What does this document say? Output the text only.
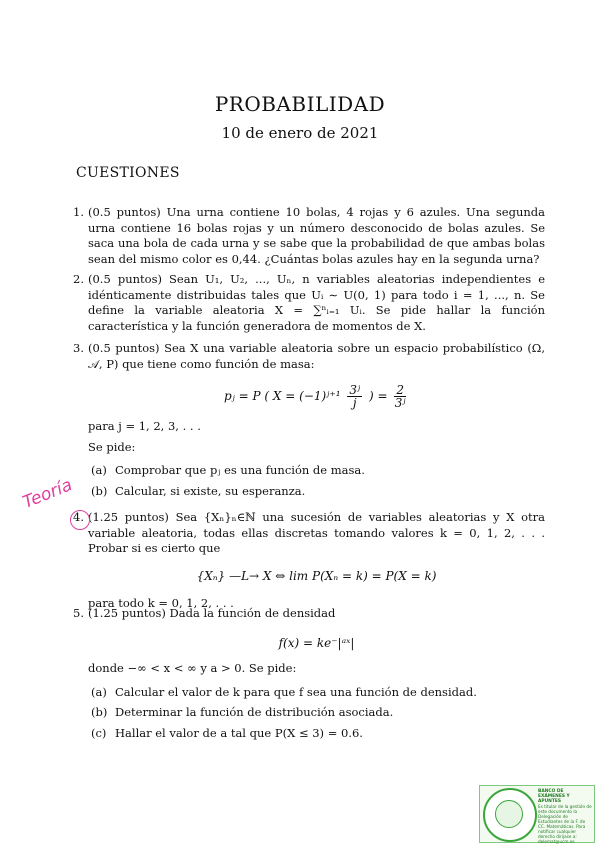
PROBABILIDAD
10 de enero de 2021
CUESTIONES
1. (0.5 puntos) Una urna contiene 10 bolas, 4 rojas y 6 azules. Una segunda urna contiene 16 bolas rojas y un número desconocido de bolas azules. Se saca una bola de cada urna y se sabe que la probabilidad de que ambas bolas sean del mismo color es 0,44. ¿Cuántas bolas azules hay en la segunda urna?
2. (0.5 puntos) Sean U₁, U₂, ..., Uₙ, n variables aleatorias independientes e idénticamente distribuidas tales que Uᵢ ∼ U(0, 1) para todo i = 1, ..., n. Se define la variable aleatoria X = ∑ⁿᵢ₌₁ Uᵢ. Se pide hallar la función característica y la función generadora de momentos de X.
3. (0.5 puntos) Sea X una variable aleatoria sobre un espacio probabilístico (Ω, 𝒜, P) que tiene como función de masa:
pⱼ = P ( X = (−1)ʲ⁺¹ $\frac{\text{3ʲ}}{j}$ ) = $\frac{2}{\text{3ʲ}}$
para j = 1, 2, 3, . . .
Se pide:
(a) Comprobar que pⱼ es una función de masa.
(b) Calcular, si existe, su esperanza.
4. (1.25 puntos) Sea {Xₙ}ₙ∈ℕ una sucesión de variables aleatorias y X otra variable aleatoria, todas ellas discretas tomando valores k = 0, 1, 2, . . . Probar si es cierto que
{Xₙ} —L→ X ⇔ lim P(Xₙ = k) = P(X = k)
para todo k = 0, 1, 2, . . .
5. (1.25 puntos) Dada la función de densidad
f(x) = ke⁻|ᵃˣ|
donde −∞ < x < ∞ y a > 0. Se pide:
(a) Calcular el valor de k para que f sea una función de densidad.
(b) Determinar la función de distribución asociada.
(c) Hallar el valor de a tal que P(X ≤ 3) = 0.6.
Teoría
BANCO DE EXÁMENES Y APUNTES
Es titular de la gestión de este documento la Delegación de Estudiantes de la F. de CC. Matemáticas. Para notificar cualquier derecho diríjase a: delemat@ucm.es
